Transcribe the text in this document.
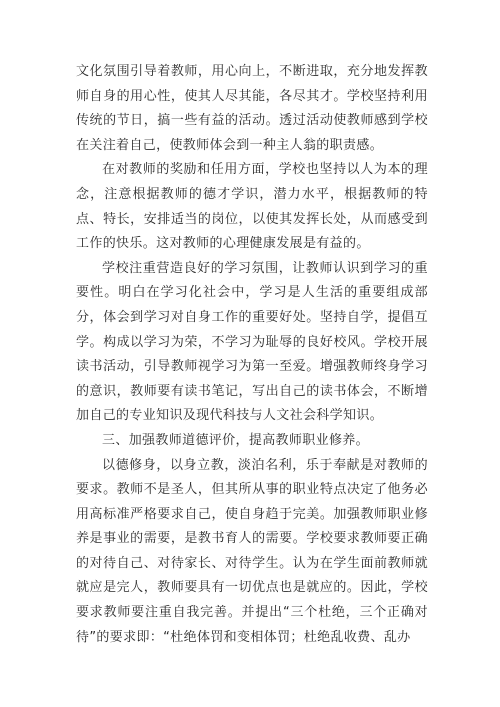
文化氛围引导着教师，用心向上，不断进取，充分地发挥教师自身的用心性，使其人尽其能，各尽其才。学校坚持利用传统的节日，搞一些有益的活动。透过活动使教师感到学校在关注着自己，使教师体会到一种主人翁的职责感。

在对教师的奖励和任用方面，学校也坚持以人为本的理念，注意根据教师的德才学识，潜力水平，根据教师的特点、特长，安排适当的岗位，以使其发挥长处，从而感受到工作的快乐。这对教师的心理健康发展是有益的。

学校注重营造良好的学习氛围，让教师认识到学习的重要性。明白在学习化社会中，学习是人生活的重要组成部分，体会到学习对自身工作的重要好处。坚持自学，提倡互学。构成以学习为荣，不学习为耻辱的良好校风。学校开展读书活动，引导教师视学习为第一至爱。增强教师终身学习的意识，教师要有读书笔记，写出自己的读书体会，不断增加自己的专业知识及现代科技与人文社会科学知识。

三、加强教师道德评价，提高教师职业修养。

以德修身，以身立教，淡泊名利，乐于奉献是对教师的要求。教师不是圣人，但其所从事的职业特点决定了他务必用高标准严格要求自己，使自身趋于完美。加强教师职业修养是事业的需要，是教书育人的需要。学校要求教师要正确的对待自己、对待家长、对待学生。认为在学生面前教师就就应是完人，教师要具有一切优点也是就应的。因此，学校要求教师要注重自我完善。并提出“三个杜绝，三个正确对待”的要求即：“杜绝体罚和变相体罚；杜绝乱收费、乱办
